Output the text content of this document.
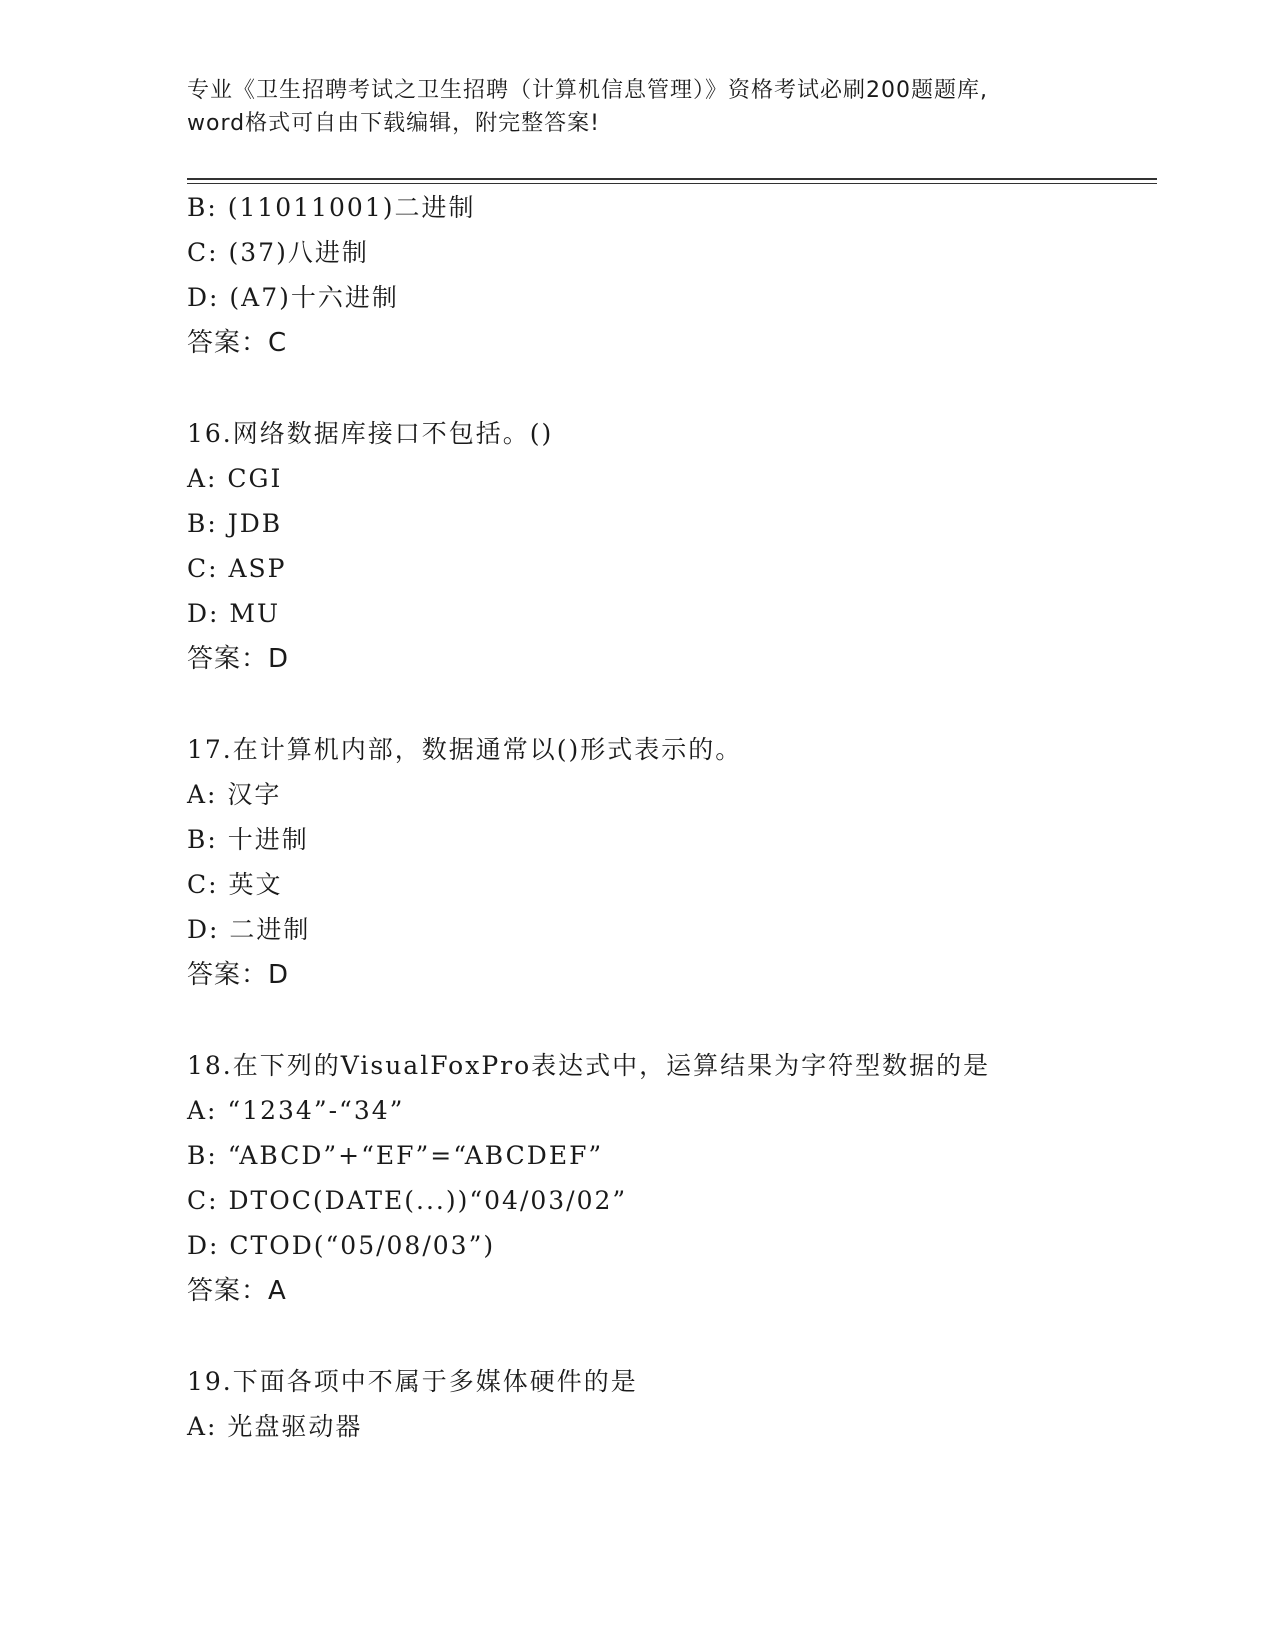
专业《卫生招聘考试之卫生招聘（计算机信息管理）》资格考试必刷200题题库,
word格式可自由下载编辑，附完整答案!
B: (11011001)二进制
C: (37)八进制
D: (A7)十六进制
答案：C
16.网络数据库接口不包括。()
A: CGI
B: JDB
C: ASP
D: MU
答案：D
17.在计算机内部，数据通常以()形式表示的。
A: 汉字
B: 十进制
C: 英文
D: 二进制
答案：D
18.在下列的VisualFoxPro表达式中，运算结果为字符型数据的是
A: “1234”-“34”
B: “ABCD”+“EF”=“ABCDEF”
C: DTOC(DATE(...))“04/03/02”
D: CTOD(“05/08/03”)
答案：A
19.下面各项中不属于多媒体硬件的是
A: 光盘驱动器
